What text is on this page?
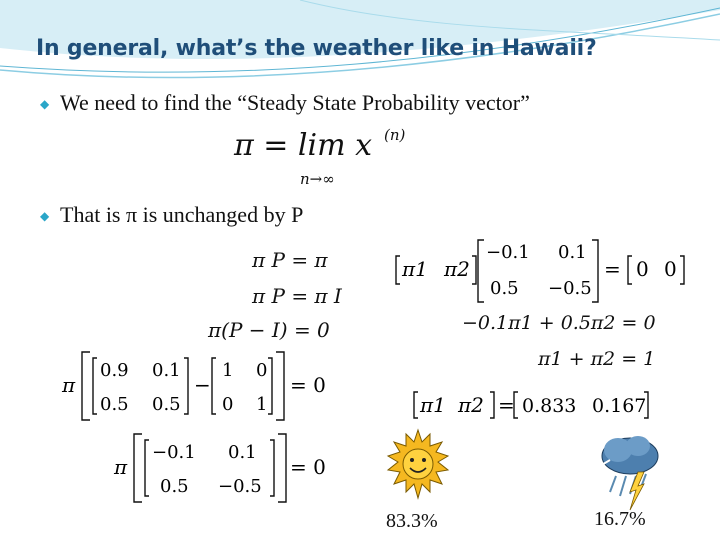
In general, what’s the weather like in Hawaii?
◆ We need to find the “Steady State Probability vector”
π = lim x (n)
n→∞
◆ That is π is unchanged by P
π P = π
π P = π I
π(P − I) = 0
π
0.9 0.1
0.5 0.5
−
1 0
0 1
= 0
π
−0.1 0.1
0.5 −0.5
= 0
π1 π2
−0.1 0.1
0.5 −0.5
= 0 0
−0.1π1 + 0.5π2 = 0
π1 + π2 = 1
π1 π2 = 0.833 0.167
83.3%	16.7%
